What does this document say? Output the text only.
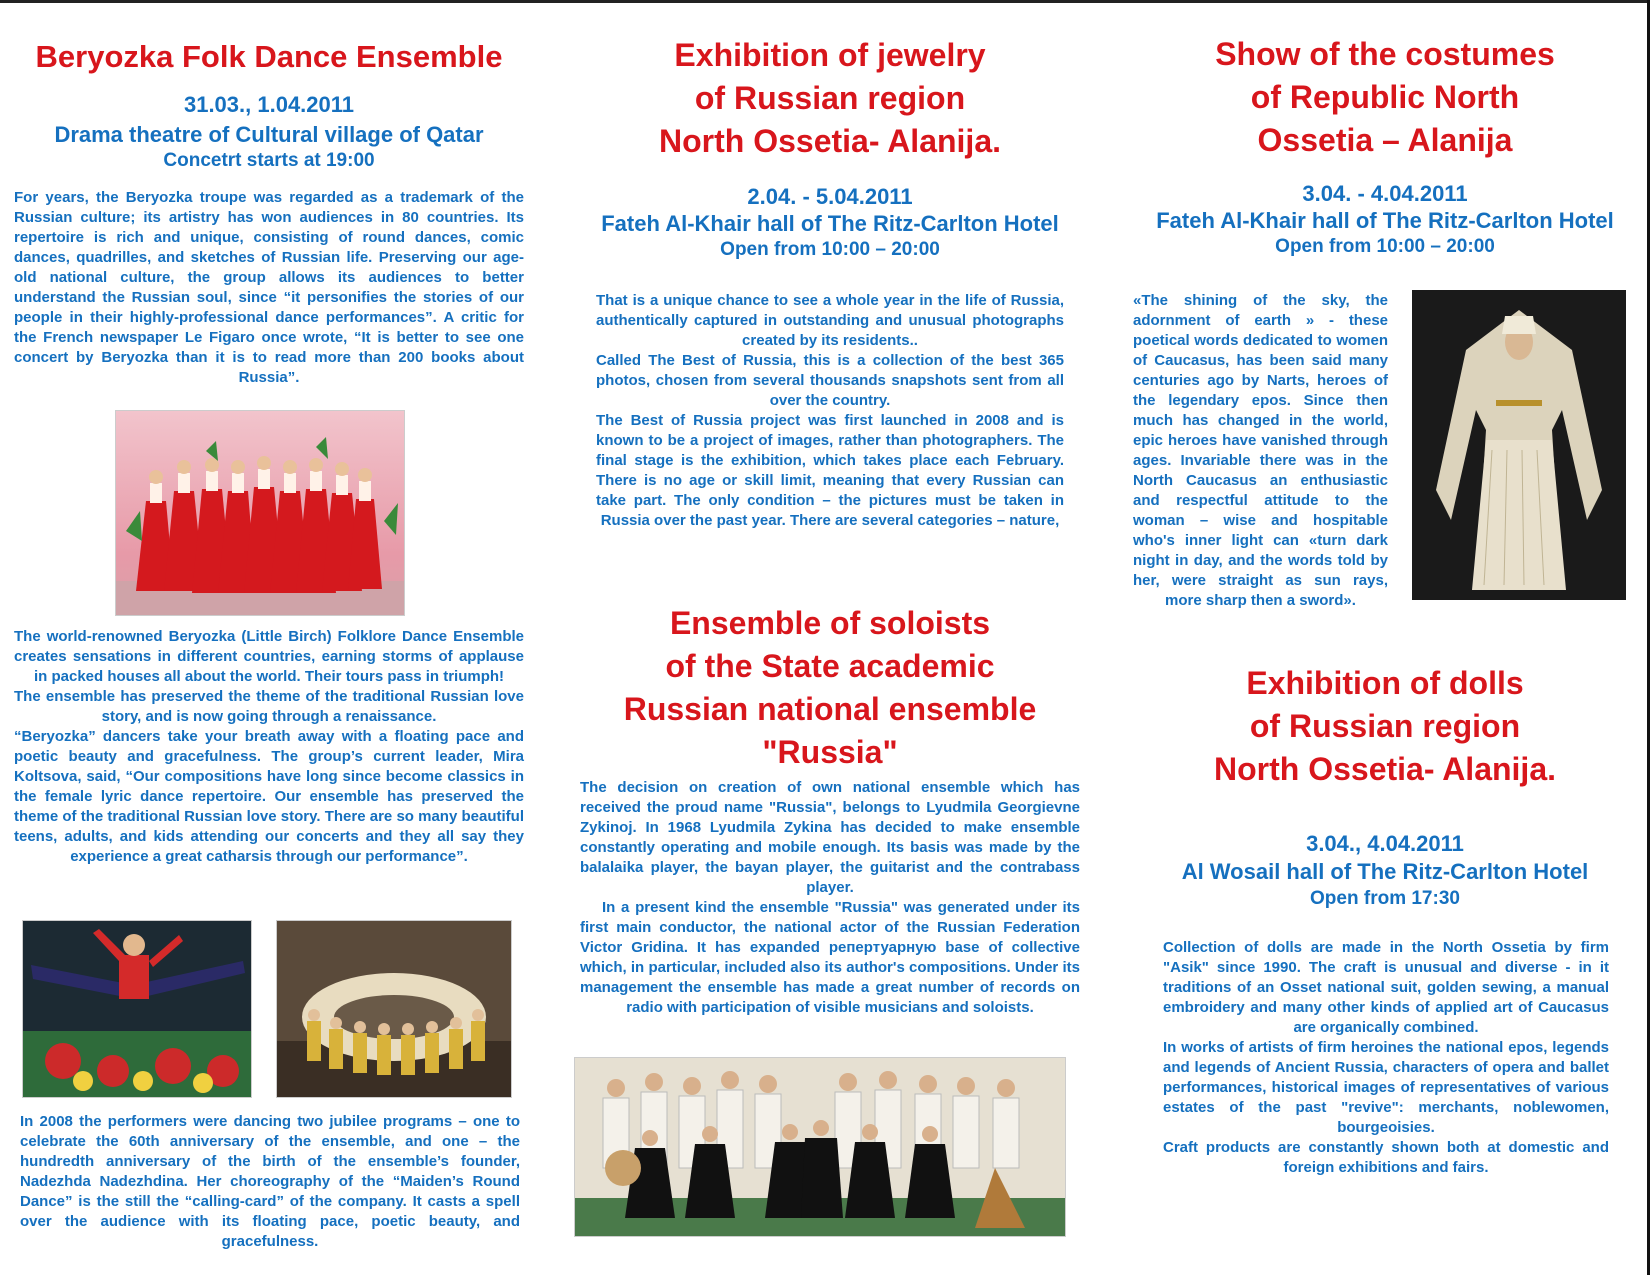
Beryozka Folk Dance Ensemble
31.03., 1.04.2011
Drama theatre of Cultural village of Qatar
Concetrt starts at 19:00

For years, the Beryozka troupe was regarded as a trademark of the Russian culture; its artistry has won audiences in 80 countries. Its repertoire is rich and unique, consisting of round dances, comic dances, quadrilles, and sketches of Russian life. Preserving our age-old national culture, the group allows its audiences to better understand the Russian soul, since “it personifies the stories of our people in their highly-professional dance performances”. A critic for the French newspaper Le Figaro once wrote, “It is better to see one concert by Beryozka than it is to read more than 200 books about Russia”.

The world-renowned Beryozka (Little Birch) Folklore Dance Ensemble creates sensations in different countries, earning storms of applause in packed houses all about the world. Their tours pass in triumph!

The ensemble has preserved the theme of the traditional Russian love story, and is now going through a renaissance.

“Beryozka” dancers take your breath away with a floating pace and poetic beauty and gracefulness. The group’s current leader, Mira Koltsova, said, “Our compositions have long since become classics in the female lyric dance repertoire. Our ensemble has preserved the theme of the traditional Russian love story. There are so many beautiful teens, adults, and kids attending our concerts and they all say they experience a great catharsis through our performance”.

In 2008 the performers were dancing two jubilee programs – one to celebrate the 60th anniversary of the ensemble, and one – the hundredth anniversary of the birth of the ensemble’s founder, Nadezhda Nadezhdina. Her choreography of the “Maiden’s Round Dance” is the still the “calling-card” of the company. It casts a spell over the audience with its floating pace, poetic beauty, and gracefulness.

Exhibition of jewelry
of Russian region
North Ossetia- Alanija.
2.04. - 5.04.2011
Fateh Al-Khair hall of The Ritz-Carlton Hotel
Open from 10:00 – 20:00

That is a unique chance to see a whole year in the life of Russia, authentically captured in outstanding and unusual photographs created by its residents..

Called The Best of Russia, this is a collection of the best 365 photos, chosen from several thousands snapshots sent from all over the country.

The Best of Russia project was first launched in 2008 and is known to be a project of images, rather than photographers. The final stage is the exhibition, which takes place each February. There is no age or skill limit, meaning that every Russian can take part. The only condition – the pictures must be taken in Russia over the past year. There are several categories – nature,

Ensemble of soloists
of the State academic
Russian national ensemble
"Russia"

The decision on creation of own national ensemble which has received the proud name "Russia", belongs to Lyudmila Georgievne Zykinoj. In 1968 Lyudmila Zykina has decided to make ensemble constantly operating and mobile enough. Its basis was made by the balalaika player, the bayan player, the guitarist and the contrabass player.

In a present kind the ensemble "Russia" was generated under its first main conductor, the national actor of the Russian Federation Victor Gridina. It has expanded репертуарную base of collective which, in particular, included also its author's compositions. Under its management the ensemble has made a great number of records on radio with participation of visible musicians and soloists.

Show of the costumes
of Republic North
Ossetia – Alanija
3.04. - 4.04.2011
Fateh Al-Khair hall of The Ritz-Carlton Hotel
Open from 10:00 – 20:00

«The shining of the sky, the adornment of earth » - these poetical words dedicated to women of Caucasus, has been said many centuries ago by Narts, heroes of the legendary epos. Since then much has changed in the world, epic heroes have vanished through ages. Invariable there was in the North Caucasus an enthusiastic and respectful attitude to the woman – wise and hospitable who's inner light can «turn dark night in day, and the words told by her, were straight as sun rays, more sharp then a sword».

Exhibition of dolls
of Russian region
North Ossetia- Alanija.
3.04., 4.04.2011
Al Wosail hall of The Ritz-Carlton Hotel
Open from 17:30

Collection of dolls are made in the North Ossetia by firm "Asik" since 1990. The craft is unusual and diverse - in it traditions of an Osset national suit, golden sewing, a manual embroidery and many other kinds of applied art of Caucasus are organically combined.

In works of artists of firm heroines the national epos, legends and legends of Ancient Russia, characters of opera and ballet performances, historical images of representatives of various estates of the past "revive": merchants, noblewomen, bourgeoisies.

Craft products are constantly shown both at domestic and foreign exhibitions and fairs.
